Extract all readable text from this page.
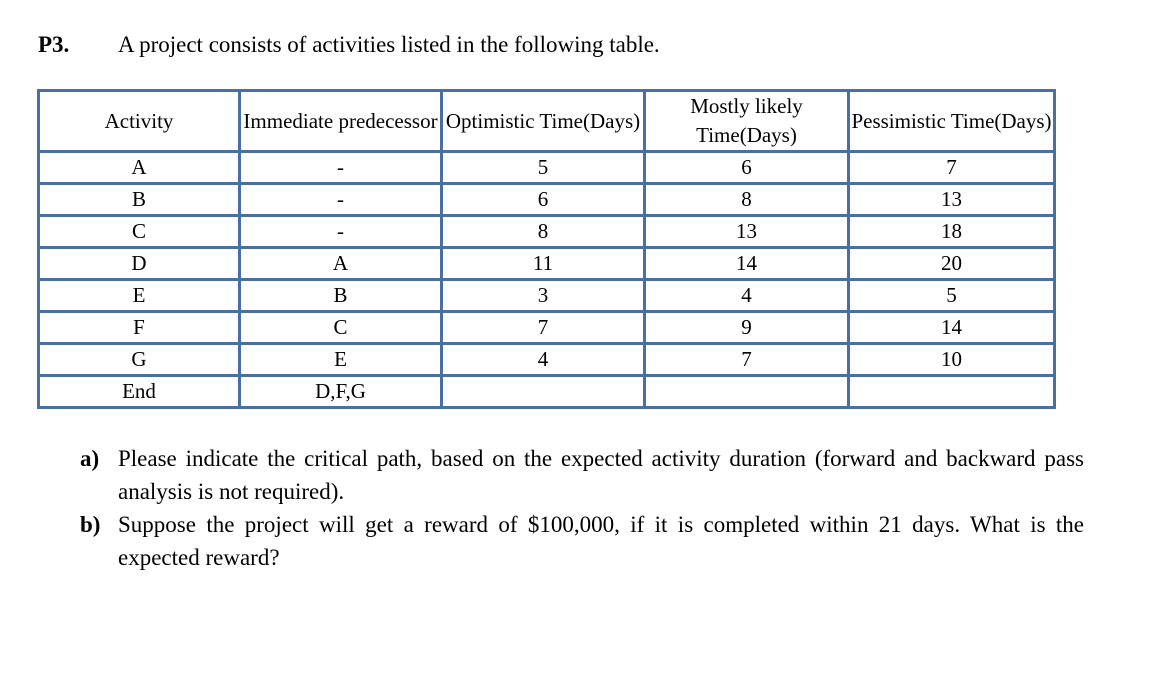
P3. A project consists of activities listed in the following table.
Activity	Immediate predecessor	Optimistic Time(Days)	Mostly likely Time(Days)	Pessimistic Time(Days)
A	-	5	6	7
B	-	6	8	13
C	-	8	13	18
D	A	11	14	20
E	B	3	4	5
F	C	7	9	14
G	E	4	7	10
End	D,F,G			
a) Please indicate the critical path, based on the expected activity duration (forward and backward pass analysis is not required).
b) Suppose the project will get a reward of $100,000, if it is completed within 21 days. What is the expected reward?
